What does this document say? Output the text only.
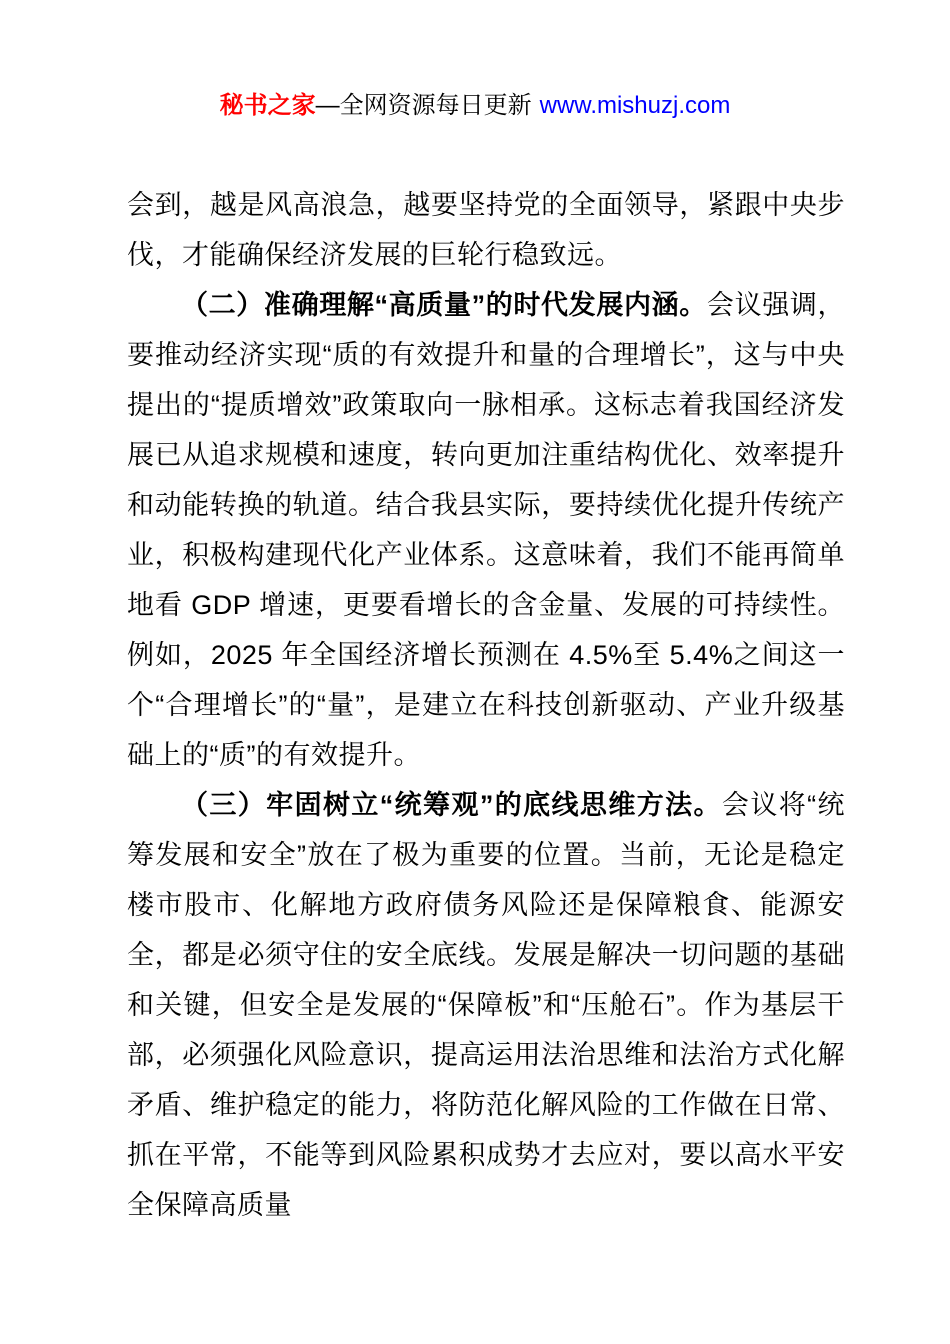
秘书之家—全网资源每日更新 www.mishuzj.com

会到，越是风高浪急，越要坚持党的全面领导，紧跟中央步伐，才能确保经济发展的巨轮行稳致远。

（二）准确理解“高质量”的时代发展内涵。会议强调，要推动经济实现“质的有效提升和量的合理增长”，这与中央提出的“提质增效”政策取向一脉相承。这标志着我国经济发展已从追求规模和速度，转向更加注重结构优化、效率提升和动能转换的轨道。结合我县实际，要持续优化提升传统产业，积极构建现代化产业体系。这意味着，我们不能再简单地看 GDP 增速，更要看增长的含金量、发展的可持续性。例如，2025 年全国经济增长预测在 4.5%至 5.4%之间这一个“合理增长”的“量”，是建立在科技创新驱动、产业升级基础上的“质”的有效提升。

（三）牢固树立“统筹观”的底线思维方法。会议将“统筹发展和安全”放在了极为重要的位置。当前，无论是稳定楼市股市、化解地方政府债务风险还是保障粮食、能源安全，都是必须守住的安全底线。发展是解决一切问题的基础和关键，但安全是发展的“保障板”和“压舱石”。作为基层干部，必须强化风险意识，提高运用法治思维和法治方式化解矛盾、维护稳定的能力，将防范化解风险的工作做在日常、抓在平常，不能等到风险累积成势才去应对，要以高水平安全保障高质量
